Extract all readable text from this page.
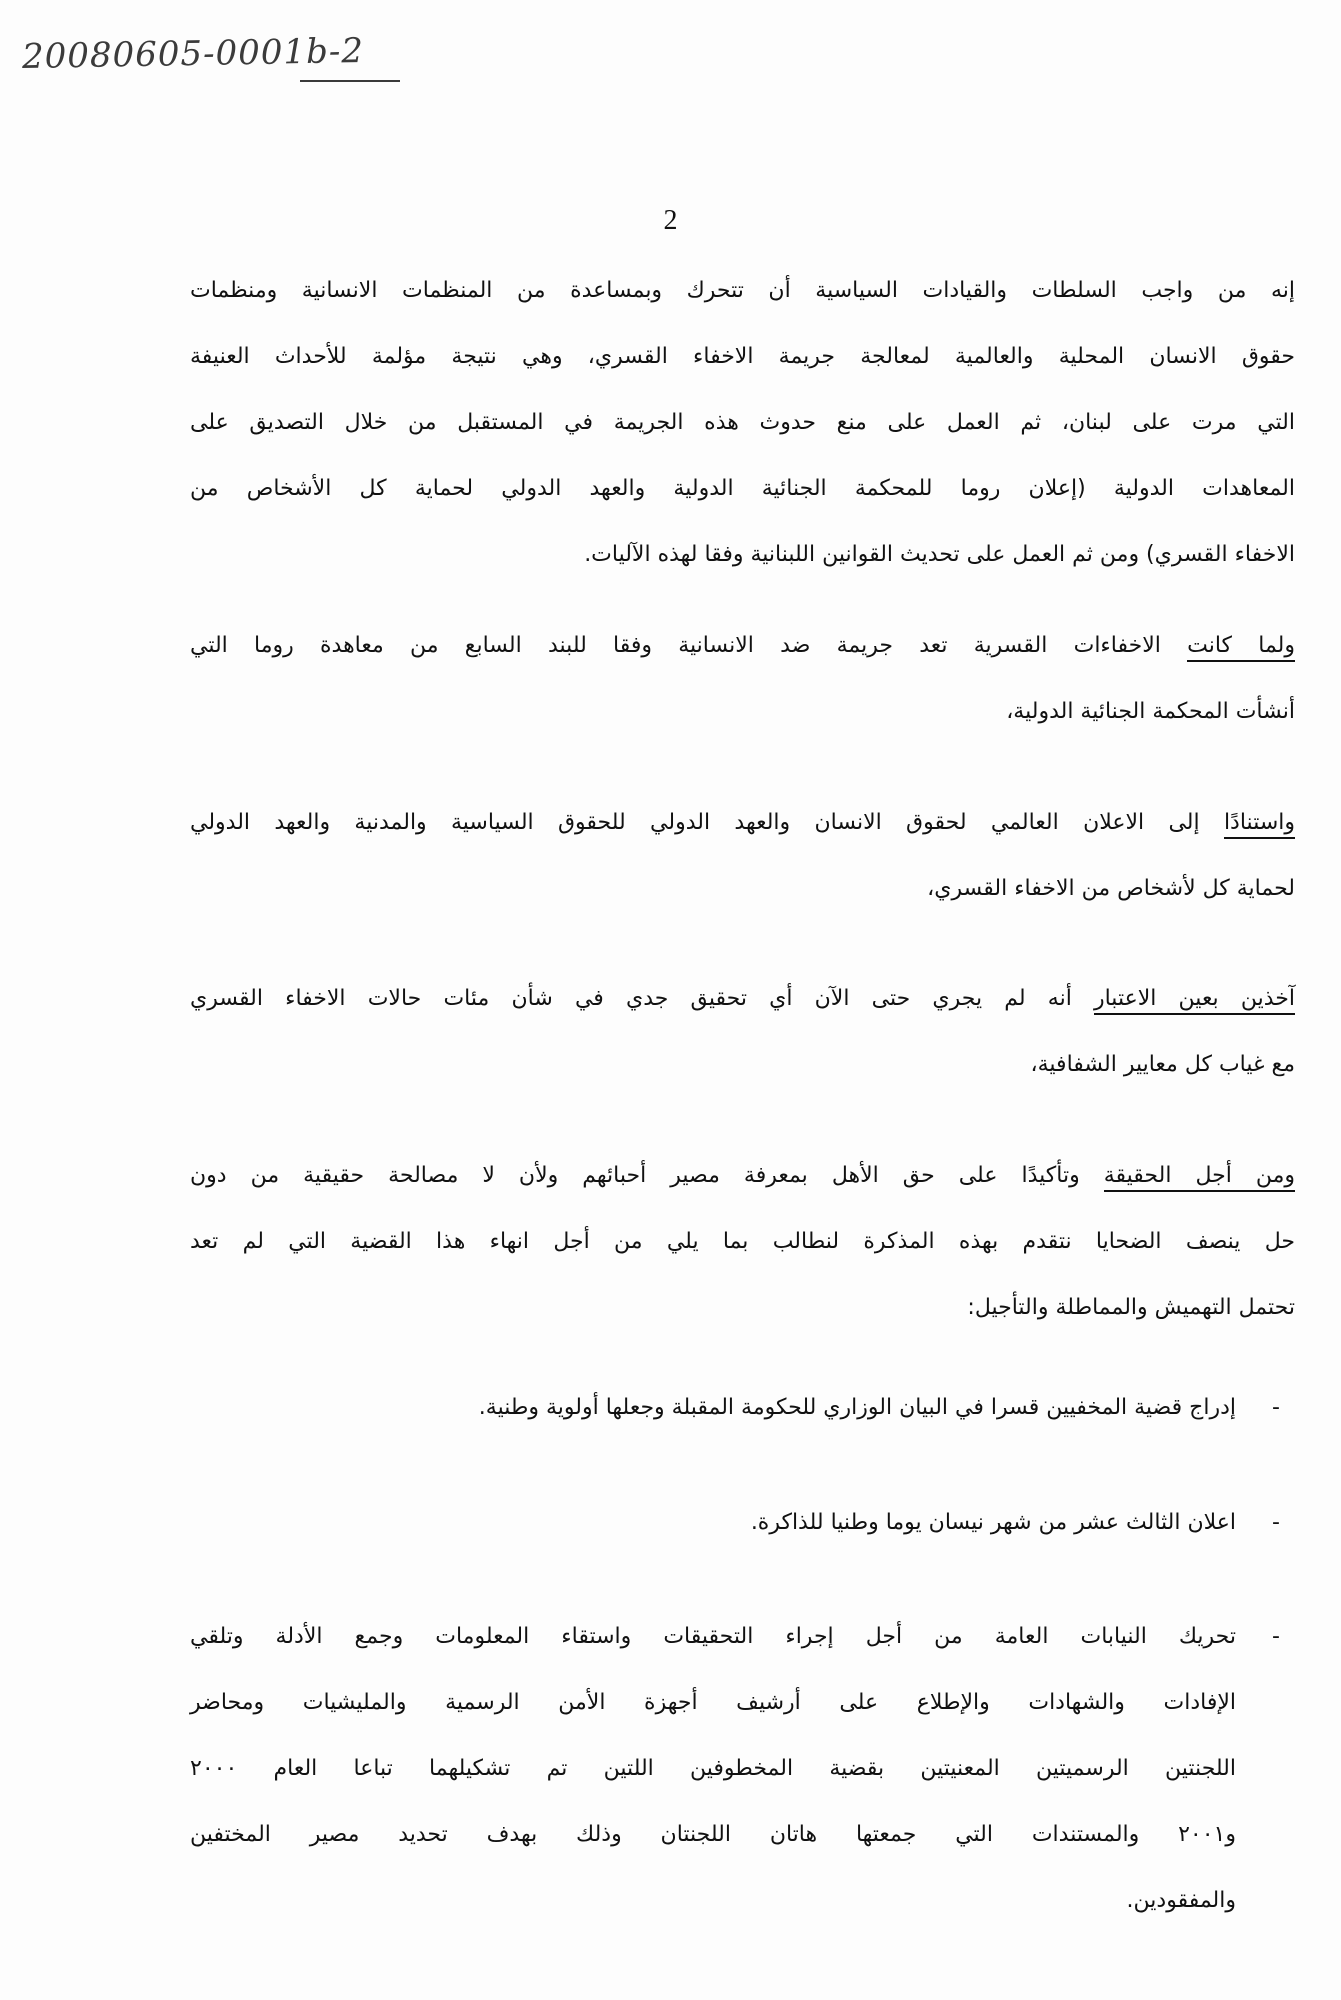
20080605-0001b-2
2
إنه من واجب السلطات والقيادات السياسية أن تتحرك وبمساعدة من المنظمات الانسانية ومنظمات
حقوق الانسان المحلية والعالمية لمعالجة جريمة الاخفاء القسري، وهي نتيجة مؤلمة للأحداث العنيفة
التي مرت على لبنان، ثم العمل على منع حدوث هذه الجريمة في المستقبل من خلال التصديق على
المعاهدات الدولية (إعلان روما للمحكمة الجنائية الدولية والعهد الدولي لحماية كل الأشخاص من
الاخفاء القسري) ومن ثم العمل على تحديث القوانين اللبنانية وفقا لهذه الآليات.
ولما كانت الاخفاءات القسرية تعد جريمة ضد الانسانية وفقا للبند السابع من معاهدة روما التي
أنشأت المحكمة الجنائية الدولية،
واستنادًا إلى الاعلان العالمي لحقوق الانسان والعهد الدولي للحقوق السياسية والمدنية والعهد الدولي
لحماية كل لأشخاص من الاخفاء القسري،
آخذين بعين الاعتبار أنه لم يجري حتى الآن أي تحقيق جدي في شأن مئات حالات الاخفاء القسري
مع غياب كل معايير الشفافية،
ومن أجل الحقيقة وتأكيدًا على حق الأهل بمعرفة مصير أحبائهم ولأن لا مصالحة حقيقية من دون
حل ينصف الضحايا نتقدم بهذه المذكرة لنطالب بما يلي من أجل انهاء هذا القضية التي لم تعد
تحتمل التهميش والمماطلة والتأجيل:
-
إدراج قضية المخفيين قسرا في البيان الوزاري للحكومة المقبلة وجعلها أولوية وطنية.
-
اعلان الثالث عشر من شهر نيسان يوما وطنيا للذاكرة.
-
تحريك النيابات العامة من أجل إجراء التحقيقات واستقاء المعلومات وجمع الأدلة وتلقي
الإفادات والشهادات والإطلاع على أرشيف أجهزة الأمن الرسمية والمليشيات ومحاضر
اللجنتين الرسميتين المعنيتين بقضية المخطوفين اللتين تم تشكيلهما تباعا العام ٢٠٠٠
و٢٠٠١ والمستندات التي جمعتها هاتان اللجنتان وذلك بهدف تحديد مصير المختفين
والمفقودين.
